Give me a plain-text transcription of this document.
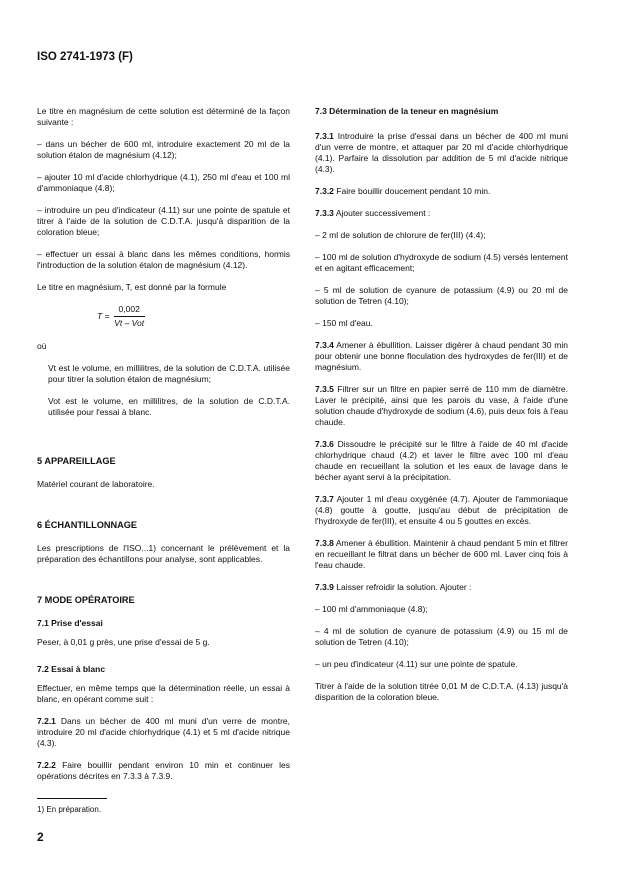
ISO 2741-1973 (F)

Le titre en magnésium de cette solution est déterminé de la façon suivante :

– dans un bécher de 600 ml, introduire exactement 20 ml de la solution étalon de magnésium (4.12);

– ajouter 10 ml d'acide chlorhydrique (4.1), 250 ml d'eau et 100 ml d'ammoniaque (4.8);

– introduire un peu d'indicateur (4.11) sur une pointe de spatule et titrer à l'aide de la solution de C.D.T.A. jusqu'à disparition de la coloration bleue;

– effectuer un essai à blanc dans les mêmes conditions, hormis l'introduction de la solution étalon de magnésium (4.12).

Le titre en magnésium, T, est donné par la formule

$T = \frac{0,002}{\text{Vt – Vot}}$

où

Vt est le volume, en millilitres, de la solution de C.D.T.A. utilisée pour titrer la solution étalon de magnésium;

Vot est le volume, en millilitres, de la solution de C.D.T.A. utilisée pour l'essai à blanc.

5 APPAREILLAGE

Matériel courant de laboratoire.

6 ÉCHANTILLONNAGE

Les prescriptions de l'ISO...1) concernant le prélèvement et la préparation des échantillons pour analyse, sont applicables.

7 MODE OPÉRATOIRE
7.1 Prise d'essai

Peser, à 0,01 g près, une prise d'essai de 5 g.

7.2 Essai à blanc

Effectuer, en même temps que la détermination réelle, un essai à blanc, en opérant comme suit :

7.2.1 Dans un bécher de 400 ml muni d'un verre de montre, introduire 20 ml d'acide chlorhydrique (4.1) et 5 ml d'acide nitrique (4.3).

7.2.2 Faire bouillir pendant environ 10 min et continuer les opérations décrites en 7.3.3 à 7.3.9.

7.3 Détermination de la teneur en magnésium

7.3.1 Introduire la prise d'essai dans un bécher de 400 ml muni d'un verre de montre, et attaquer par 20 ml d'acide chlorhydrique (4.1). Parfaire la dissolution par addition de 5 ml d'acide nitrique (4.3).

7.3.2 Faire bouillir doucement pendant 10 min.

7.3.3 Ajouter successivement :

– 2 ml de solution de chlorure de fer(III) (4.4);

– 100 ml de solution d'hydroxyde de sodium (4.5) versés lentement et en agitant efficacement;

– 5 ml de solution de cyanure de potassium (4.9) ou 20 ml de solution de Tetren (4.10);

– 150 ml d'eau.

7.3.4 Amener à ébullition. Laisser digérer à chaud pendant 30 min pour obtenir une bonne floculation des hydroxydes de fer(III) et de magnésium.

7.3.5 Filtrer sur un filtre en papier serré de 110 mm de diamètre. Laver le précipité, ainsi que les parois du vase, à l'aide d'une solution chaude d'hydroxyde de sodium (4.6), puis deux fois à l'eau chaude.

7.3.6 Dissoudre le précipité sur le filtre à l'aide de 40 ml d'acide chlorhydrique chaud (4.2) et laver le filtre avec 100 ml d'eau chaude en recueillant la solution et les eaux de lavage dans le bécher ayant servi à la précipitation.

7.3.7 Ajouter 1 ml d'eau oxygénée (4.7). Ajouter de l'ammoniaque (4.8) goutte à goutte, jusqu'au début de précipitation de l'hydroxyde de fer(III), et ensuite 4 ou 5 gouttes en excès.

7.3.8 Amener à ébullition. Maintenir à chaud pendant 5 min et filtrer en recueillant le filtrat dans un bécher de 600 ml. Laver cinq fois à l'eau chaude.

7.3.9 Laisser refroidir la solution. Ajouter :

– 100 ml d'ammoniaque (4.8);

– 4 ml de solution de cyanure de potassium (4.9) ou 15 ml de solution de Tetren (4.10);

– un peu d'indicateur (4.11) sur une pointe de spatule.

Titrer à l'aide de la solution titrée 0,01 M de C.D.T.A. (4.13) jusqu'à disparition de la coloration bleue.

1) En préparation.
2
